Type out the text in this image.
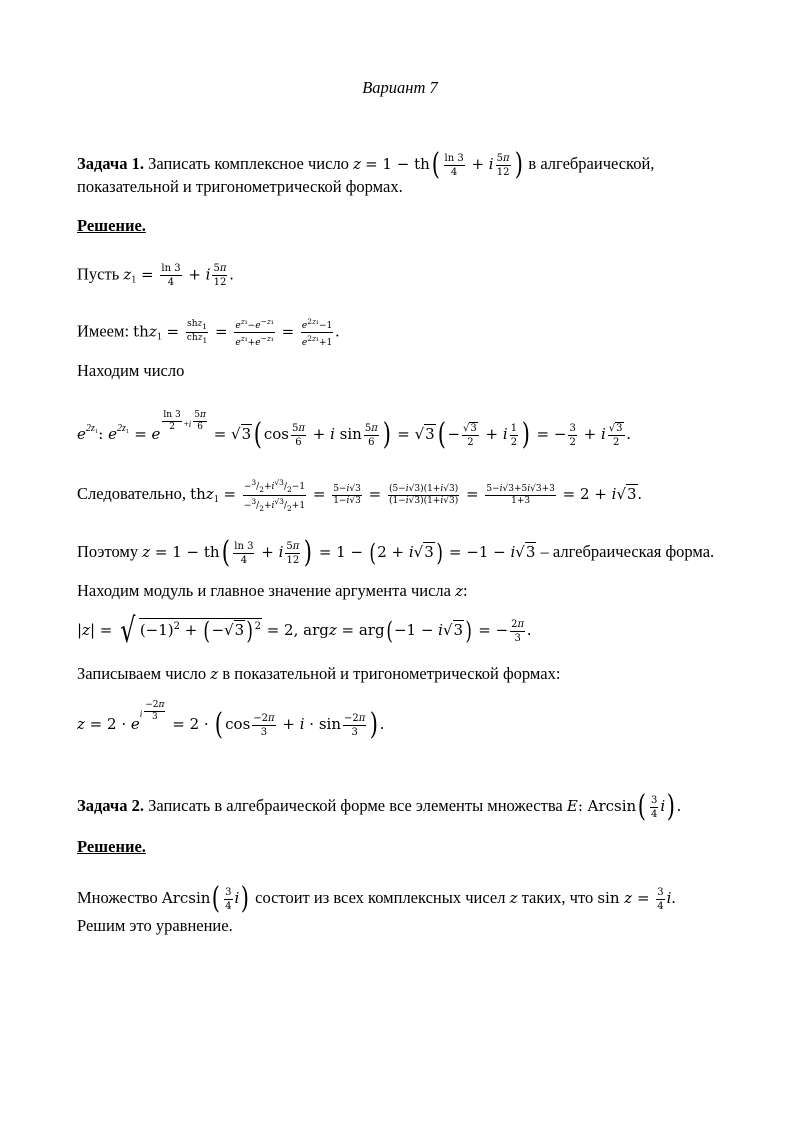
Вариант 7
Задача 1. Записать комплексное число $z = 1 - th( \frac{\ln 3}{4} + i \frac{5\pi}{12}$ ) в алгебраической,
показательной и тригонометрической формах.
Решение.
Пусть $z_1 = \frac{\ln 3}{4} + i \frac{5\pi}{12}$ .
Имеем: $thz_1 = \frac{shz_1}{chz_1} = \frac{e^{z_1}-e^{-z_1}}{e^{z_1}+e^{-z_1}} = \frac{e^{2z_1}-1}{e^{2z_1}+1}$ .
Находим число
$e^{2z_1}$: $e^{2z_1} = e$
$\frac{\ln 3}{2} ^{+i} \frac{5\pi}{6}$
= √3( $\cos \frac{5\pi}{6} + i$ $\sin \frac{5\pi}{6}$ ) = $√3( - \frac{√3}{2} + i \frac{1}{2}$ ) = − $\frac{3}{2} + i \frac{√3}{2}$ .
Следовательно, $thz_1 = \frac{-^3/_2+i^{√3}/_2-1}{-^3/_2+i^{√3}/_2+1} = \frac{5-i√3}{1-i√3} = \frac{(5-i√3)(1+i√3)}{(1-i√3)(1+i√3)} = \frac{5-i√3+5i√3+3}{1+3} = 2 + i√3$.
Поэтому $z = 1 - th( \frac{\ln 3}{4} + i \frac{5\pi}{12}$ ) = 1 − (2 + i√3 ) = −1 − i√3 – алгебраическая форма.
Находим модуль и главное значение аргумента числа z:
|z| = √ $(-1)^2 + (-√3$ )$^2$ = 2, argz = arg(−1 − i√3 ) = − $\frac{2\pi}{3}$ .
Записываем число z в показательной и тригонометрической формах:
$z = 2 \cdot e^i \frac{-2\pi}{3}$
= 2 · ( $\cos \frac{-2\pi}{3} + i \cdot \sin \frac{-2\pi}{3}$ ) .
Задача 2. Записать в алгебраической форме все элементы множества E: $Arcsin( \frac{3}{4} i)$ .
Решение.
Множество $Arcsin( \frac{3}{4} i)$ состоит из всех комплексных чисел z таких, что $\sin z = \frac{3}{4} i$.
Решим это уравнение.
